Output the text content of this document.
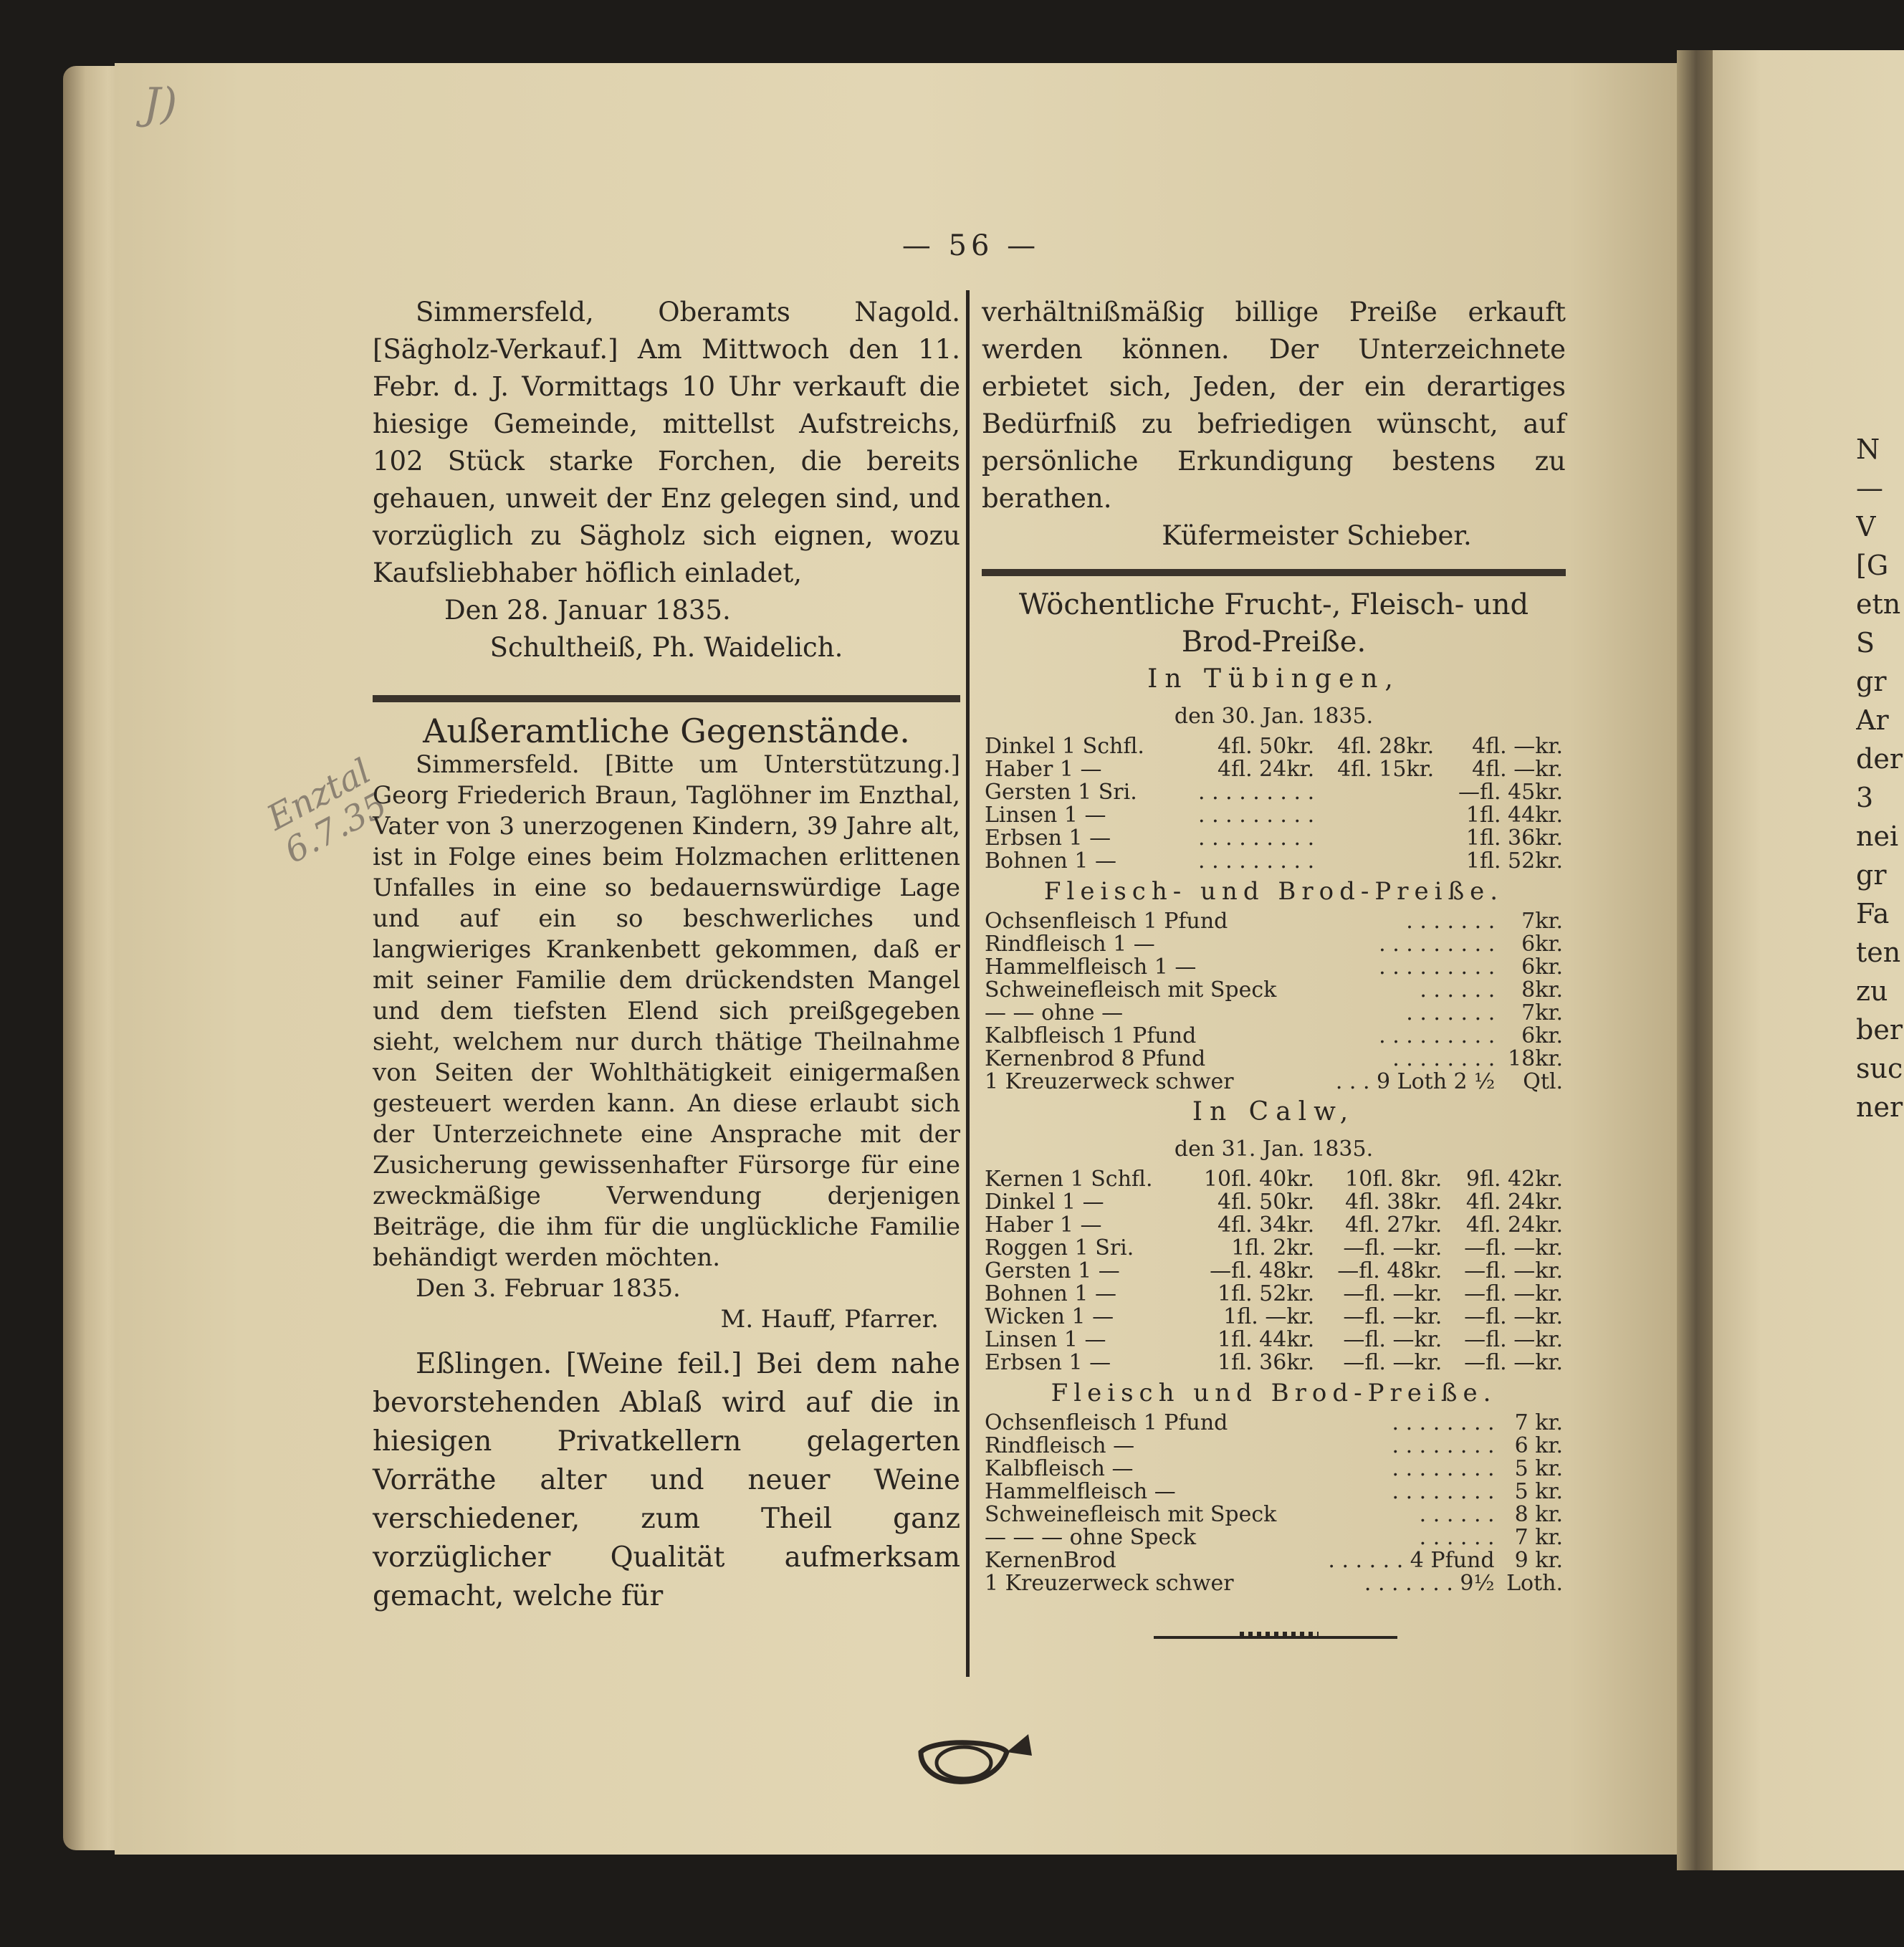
J)
Enztal
6.7.35
— 56 —

Simmersfeld, Oberamts Nagold. [Sägholz-Verkauf.] Am Mittwoch den 11. Febr. d. J. Vormittags 10 Uhr verkauft die hiesige Gemeinde, mittellst Aufstreichs, 102 Stück starke Forchen, die bereits gehauen, unweit der Enz gelegen sind, und vorzüglich zu Sägholz sich eignen, wozu Kaufsliebhaber höflich einladet,

Den 28. Januar 1835.

Schultheiß, Ph. Waidelich.

Außeramtliche Gegenstände.

Simmersfeld. [Bitte um Unterstützung.] Georg Friederich Braun, Taglöhner im Enzthal, Vater von 3 unerzogenen Kindern, 39 Jahre alt, ist in Folge eines beim Holzmachen erlittenen Unfalles in eine so bedauernswürdige Lage und auf ein so beschwerliches und langwieriges Krankenbett gekommen, daß er mit seiner Familie dem drückendsten Mangel und dem tiefsten Elend sich preißgegeben sieht, welchem nur durch thätige Theilnahme von Seiten der Wohlthätigkeit einigermaßen gesteuert werden kann. An diese erlaubt sich der Unterzeichnete eine Ansprache mit der Zusicherung gewissenhafter Fürsorge für eine zweckmäßige Verwendung derjenigen Beiträge, die ihm für die unglückliche Familie behändigt werden möchten.

Den 3. Februar 1835.

M. Hauff, Pfarrer.

Eßlingen. [Weine feil.] Bei dem nahe bevorstehenden Ablaß wird auf die in hiesigen Privatkellern gelagerten Vorräthe alter und neuer Weine verschiedener, zum Theil ganz vorzüglicher Qualität aufmerksam gemacht, welche für

verhältnißmäßig billige Preiße erkauft werden können. Der Unterzeichnete erbietet sich, Jeden, der ein derartiges Bedürfniß zu befriedigen wünscht, auf persönliche Erkundigung bestens zu berathen.

Küfermeister Schieber.

Wöchentliche Frucht-, Fleisch- und Brod-Preiße.

In Tübingen,

den 30. Jan. 1835.

Dinkel 1 Schfl.	4fl. 50kr.	4fl. 28kr.	4fl. —kr.
Haber 1 —	4fl. 24kr.	4fl. 15kr.	4fl. —kr.
Gersten 1 Sri.	. . . . . . . . .		—fl. 45kr.
Linsen 1 —	. . . . . . . . .		1fl. 44kr.
Erbsen 1 —	. . . . . . . . .		1fl. 36kr.
Bohnen 1 —	. . . . . . . . .		1fl. 52kr.

Fleisch- und Brod-Preiße.

Ochsenfleisch 1 Pfund	. . . . . . .	7kr.
Rindfleisch 1 —	. . . . . . . . .	6kr.
Hammelfleisch 1 —	. . . . . . . . .	6kr.
Schweinefleisch mit Speck	. . . . . .	8kr.
— — ohne —	. . . . . . .	7kr.
Kalbfleisch 1 Pfund	. . . . . . . . .	6kr.
Kernenbrod 8 Pfund	. . . . . . . .	18kr.
1 Kreuzerweck schwer	. . . 9 Loth 2 ½	Qtl.

In Calw,

den 31. Jan. 1835.

Kernen 1 Schfl.	10fl. 40kr.	10fl. 8kr.	9fl. 42kr.
Dinkel 1 —	4fl. 50kr.	4fl. 38kr.	4fl. 24kr.
Haber 1 —	4fl. 34kr.	4fl. 27kr.	4fl. 24kr.
Roggen 1 Sri.	1fl. 2kr.	—fl. —kr.	—fl. —kr.
Gersten 1 —	—fl. 48kr.	—fl. 48kr.	—fl. —kr.
Bohnen 1 —	1fl. 52kr.	—fl. —kr.	—fl. —kr.
Wicken 1 —	1fl. —kr.	—fl. —kr.	—fl. —kr.
Linsen 1 —	1fl. 44kr.	—fl. —kr.	—fl. —kr.
Erbsen 1 —	1fl. 36kr.	—fl. —kr.	—fl. —kr.

Fleisch und Brod-Preiße.

Ochsenfleisch 1 Pfund	. . . . . . . .	7 kr.
Rindfleisch —	. . . . . . . .	6 kr.
Kalbfleisch —	. . . . . . . .	5 kr.
Hammelfleisch —	. . . . . . . .	5 kr.
Schweinefleisch mit Speck	. . . . . .	8 kr.
— — — ohne Speck	. . . . . .	7 kr.
KernenBrod	. . . . . . 4 Pfund	9 kr.
1 Kreuzerweck schwer	. . . . . . . 9½	Loth.
N
—
V
[G
etn
S
gr
Ar
der
3
nei
gr
Fa
ten
zu
ber
suc
ner
